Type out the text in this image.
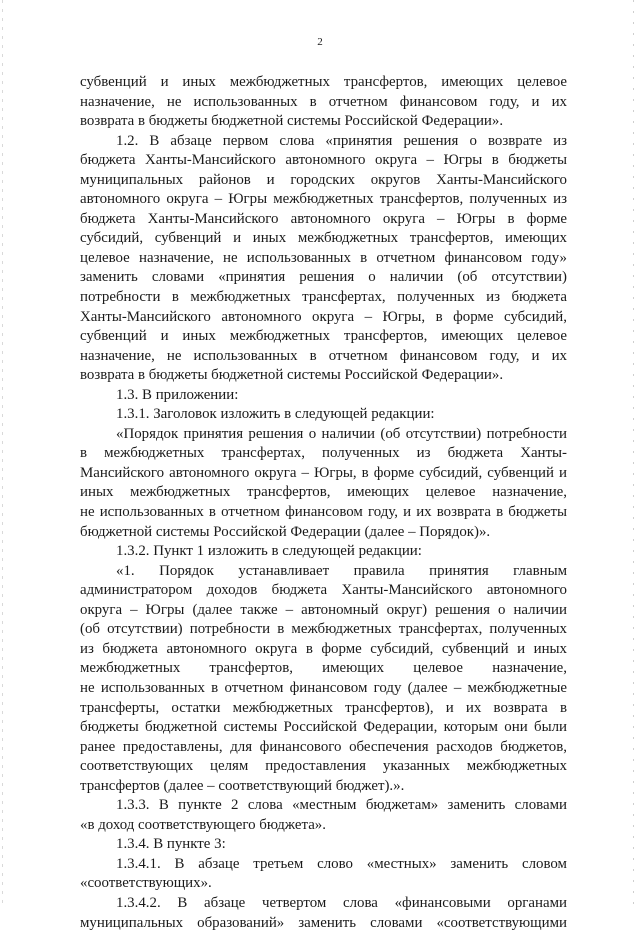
2

субвенций и иных межбюджетных трансфертов, имеющих целевое
назначение, не использованных в отчетном финансовом году, и их
возврата в бюджеты бюджетной системы Российской Федерации».

1.2. В абзаце первом слова «принятия решения о возврате из
бюджета Ханты-Мансийского автономного округа – Югры в бюджеты
муниципальных районов и городских округов Ханты-Мансийского
автономного округа – Югры межбюджетных трансфертов, полученных из
бюджета Ханты-Мансийского автономного округа – Югры в форме
субсидий, субвенций и иных межбюджетных трансфертов, имеющих
целевое назначение, не использованных в отчетном финансовом году»
заменить словами «принятия решения о наличии (об отсутствии)
потребности в межбюджетных трансфертах, полученных из бюджета
Ханты-Мансийского автономного округа – Югры, в форме субсидий,
субвенций и иных межбюджетных трансфертов, имеющих целевое
назначение, не использованных в отчетном финансовом году, и их
возврата в бюджеты бюджетной системы Российской Федерации».

1.3. В приложении:

1.3.1. Заголовок изложить в следующей редакции:

«Порядок принятия решения о наличии (об отсутствии) потребности
в межбюджетных трансфертах, полученных из бюджета Ханты-
Мансийского автономного округа – Югры, в форме субсидий, субвенций и
иных межбюджетных трансфертов, имеющих целевое назначение,
не использованных в отчетном финансовом году, и их возврата в бюджеты
бюджетной системы Российской Федерации (далее – Порядок)».

1.3.2. Пункт 1 изложить в следующей редакции:

«1. Порядок устанавливает правила принятия главным
администратором доходов бюджета Ханты-Мансийского автономного
округа – Югры (далее также – автономный округ) решения о наличии
(об отсутствии) потребности в межбюджетных трансфертах, полученных
из бюджета автономного округа в форме субсидий, субвенций и иных
межбюджетных трансфертов, имеющих целевое назначение,
не использованных в отчетном финансовом году (далее – межбюджетные
трансферты, остатки межбюджетных трансфертов), и их возврата в
бюджеты бюджетной системы Российской Федерации, которым они были
ранее предоставлены, для финансового обеспечения расходов бюджетов,
соответствующих целям предоставления указанных межбюджетных
трансфертов (далее – соответствующий бюджет).».

1.3.3. В пункте 2 слова «местным бюджетам» заменить словами
«в доход соответствующего бюджета».

1.3.4. В пункте 3:

1.3.4.1. В абзаце третьем слово «местных» заменить словом
«соответствующих».

1.3.4.2. В абзаце четвертом слова «финансовыми органами
муниципальных образований» заменить словами «соответствующими
